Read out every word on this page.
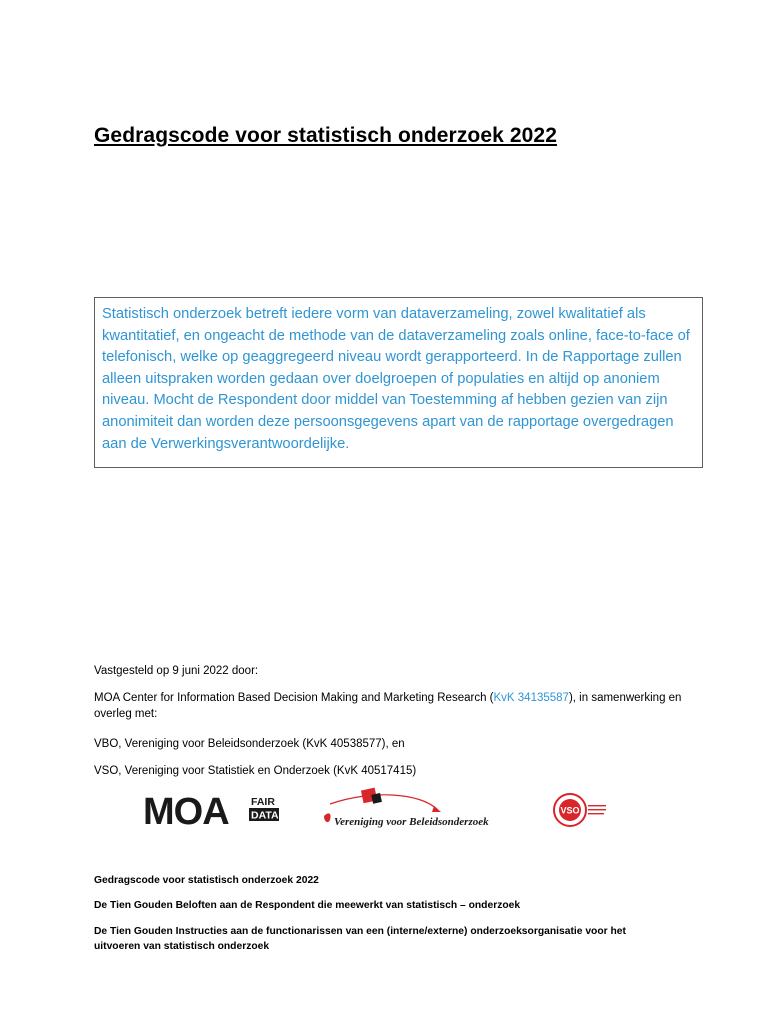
Gedragscode voor statistisch onderzoek 2022
Statistisch onderzoek betreft iedere vorm van dataverzameling, zowel kwalitatief als kwantitatief, en ongeacht de methode van de dataverzameling zoals online, face-to-face of telefonisch, welke op geaggregeerd niveau wordt gerapporteerd. In de Rapportage zullen alleen uitspraken worden gedaan over doelgroepen of populaties en altijd op anoniem niveau. Mocht de Respondent door middel van Toestemming af hebben gezien van zijn anonimiteit dan worden deze persoonsgegevens apart van de rapportage overgedragen aan de Verwerkingsverantwoordelijke.
Vastgesteld op 9 juni 2022 door:
MOA Center for Information Based Decision Making and Marketing Research (KvK 34135587), in samenwerking en overleg met:
VBO, Vereniging voor Beleidsonderzoek (KvK 40538577), en
VSO, Vereniging voor Statistiek en Onderzoek (KvK 40517415)
MOA FAIR
DATA
Vereniging voor Beleidsonderzoek
VSO
Gedragscode voor statistisch onderzoek 2022
De Tien Gouden Beloften aan de Respondent die meewerkt van statistisch – onderzoek
De Tien Gouden Instructies aan de functionarissen van een (interne/externe) onderzoeksorganisatie voor het uitvoeren van statistisch onderzoek
